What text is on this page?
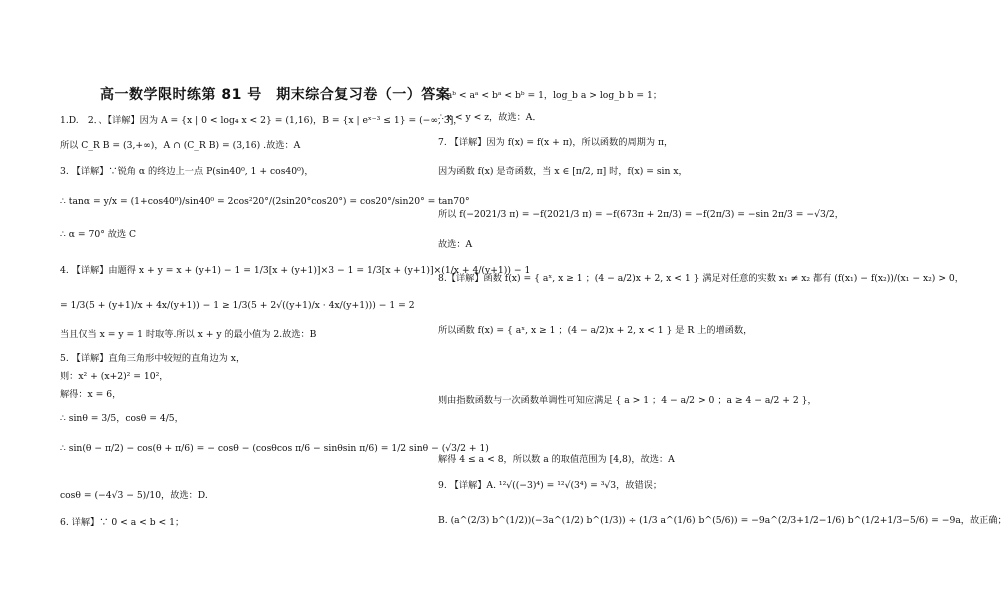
高一数学限时练第 81 号　期末综合复习卷（一）答案
1.D.　2．、【详解】因为 A = {x | 0 < log₄ x < 2} = (1,16)，B = {x | eˣ⁻³ ≤ 1} = (−∞, 3]，
所以 C_R B = (3,+∞)，A ∩ (C_R B) = (3,16) .故选：A
3. 【详解】∵锐角 α 的终边上一点 P(sin40⁰, 1 + cos40⁰)，
∴ tanα = y/x = (1+cos40⁰)/sin40⁰ = 2cos²20°/(2sin20°cos20°) = cos20°/sin20° = tan70°
∴ α = 70° 故选 C
4. 【详解】由题得 x + y = x + (y+1) − 1 = 1/3[x + (y+1)]×3 − 1 = 1/3[x + (y+1)]×(1/x + 4/(y+1)) − 1
= 1/3(5 + (y+1)/x + 4x/(y+1)) − 1 ≥ 1/3(5 + 2√((y+1)/x · 4x/(y+1))) − 1 = 2
当且仅当 x = y = 1 时取等.所以 x + y 的最小值为 2.故选：B
5. 【详解】直角三角形中较短的直角边为 x，
则：x² + (x+2)² = 10²，
解得：x = 6，
∴ sinθ = 3/5，cosθ = 4/5，
∴ sin(θ − π/2) − cos(θ + π/6) = − cosθ − (cosθcos π/6 − sinθsin π/6) = 1/2 sinθ − (√3/2 + 1)
cosθ = (−4√3 − 5)/10，故选：D.
6. 详解】∵ 0 < a < b < 1；
∴ aᵇ < aᵃ < bᵃ < bᵇ = 1，log_b a > log_b b = 1；
∴ x < y < z，故选：A．
7. 【详解】因为 f(x) = f(x + π)，所以函数的周期为 π，
因为函数 f(x) 是奇函数，当 x ∈ [π/2, π] 时，f(x) = sin x，
所以 f(−2021/3 π) = −f(2021/3 π) = −f(673π + 2π/3) = −f(2π/3) = −sin 2π/3 = −√3/2，
故选：A
8.【详解】函数 f(x) = { aˣ, x ≥ 1 ；(4 − a/2)x + 2, x < 1 } 满足对任意的实数 x₁ ≠ x₂ 都有 (f(x₁) − f(x₂))/(x₁ − x₂) > 0，
所以函数 f(x) = { aˣ, x ≥ 1 ；(4 − a/2)x + 2, x < 1 } 是 R 上的增函数，
则由指数函数与一次函数单调性可知应满足 { a > 1 ；4 − a/2 > 0 ；a ≥ 4 − a/2 + 2 }，
解得 4 ≤ a < 8，所以数 a 的取值范围为 [4,8)，故选：A
9. 【详解】A. ¹²√((−3)⁴) = ¹²√(3⁴) = ³√3，故错误；
B. (a^(2/3) b^(1/2))(−3a^(1/2) b^(1/3)) ÷ (1/3 a^(1/6) b^(5/6)) = −9a^(2/3+1/2−1/6) b^(1/2+1/3−5/6) = −9a，故正确；
